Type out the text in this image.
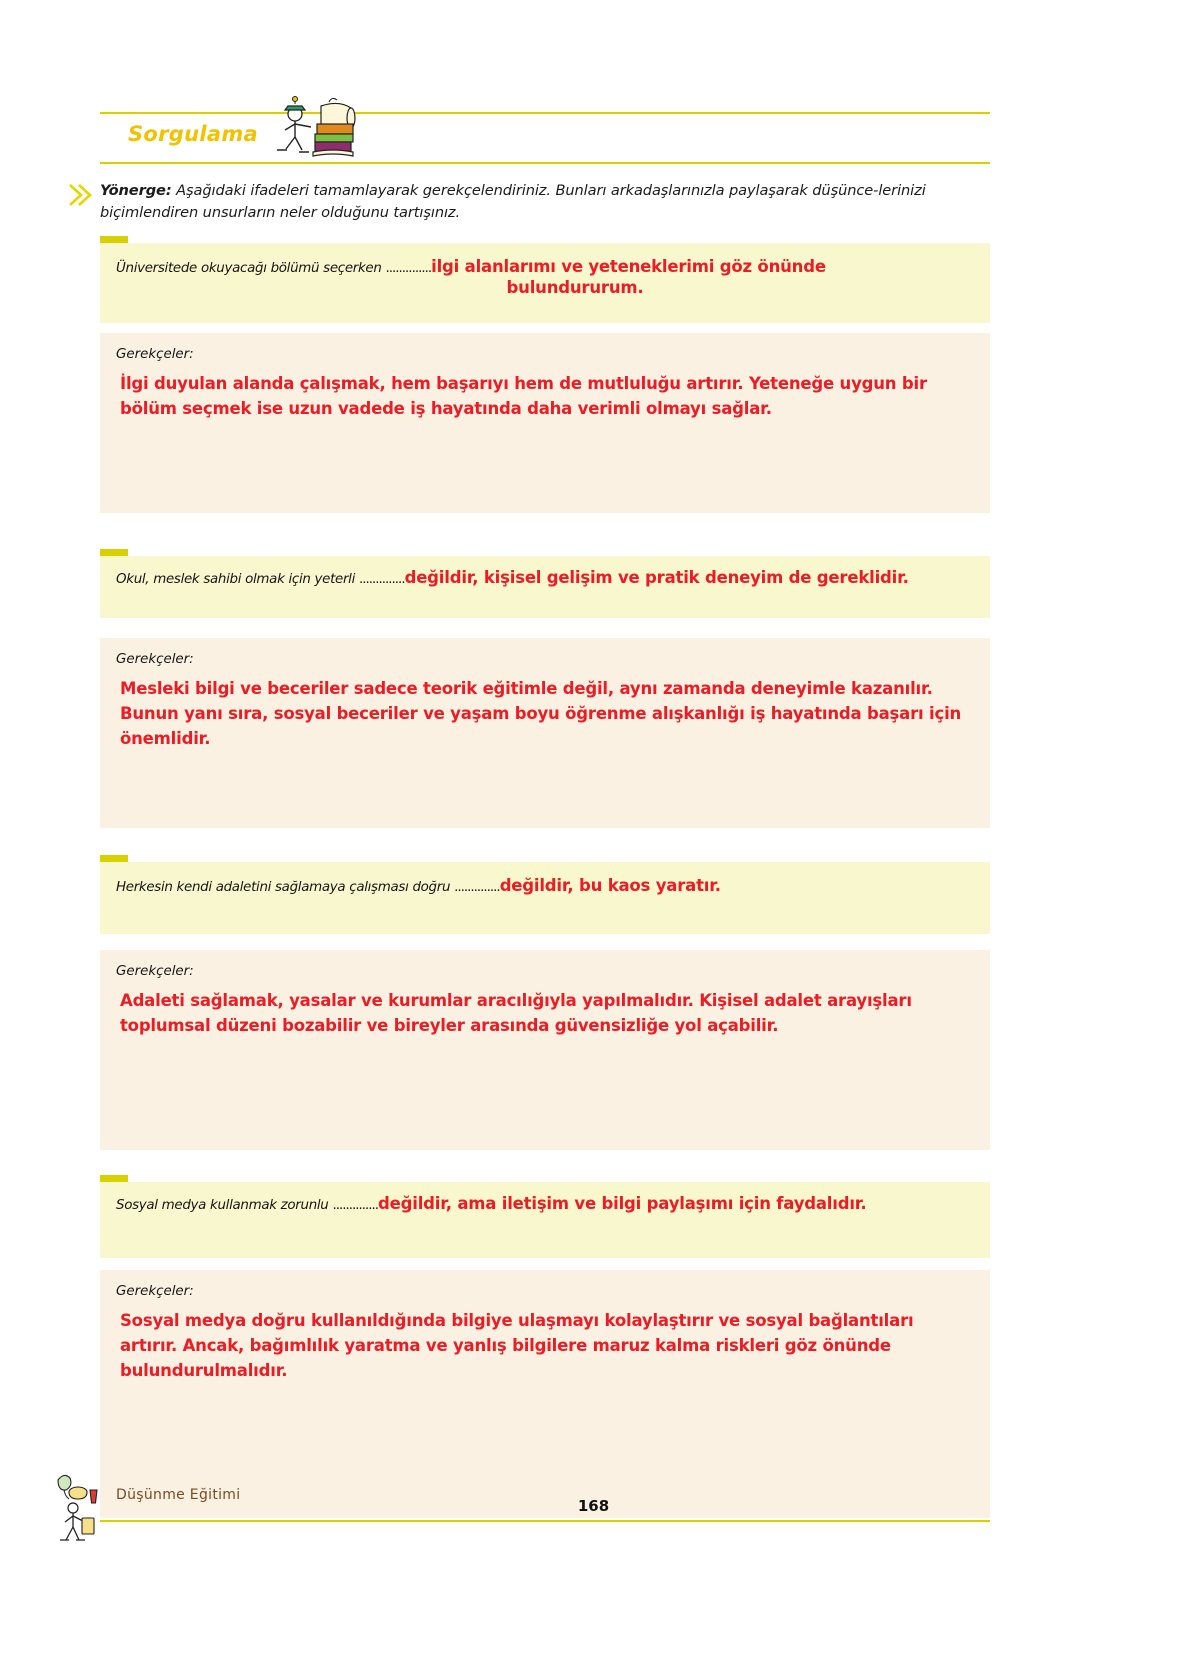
Sorgulama
Yönerge: Aşağıdaki ifadeleri tamamlayarak gerekçelendiriniz. Bunları arkadaşlarınızla paylaşarak düşünce-lerinizi biçimlendiren unsurların neler olduğunu tartışınız.
Üniversitede okuyacağı bölümü seçerken ..............ilgi alanlarımı ve yeteneklerimi göz önünde
bulundururum.
Gerekçeler:
İlgi duyulan alanda çalışmak, hem başarıyı hem de mutluluğu artırır. Yeteneğe uygun bir bölüm seçmek ise uzun vadede iş hayatında daha verimli olmayı sağlar.
Okul, meslek sahibi olmak için yeterli ..............değildir, kişisel gelişim ve pratik deneyim de gereklidir.
Gerekçeler:
Mesleki bilgi ve beceriler sadece teorik eğitimle değil, aynı zamanda deneyimle kazanılır. Bunun yanı sıra, sosyal beceriler ve yaşam boyu öğrenme alışkanlığı iş hayatında başarı için önemlidir.
Herkesin kendi adaletini sağlamaya çalışması doğru ..............değildir, bu kaos yaratır.
Gerekçeler:
Adaleti sağlamak, yasalar ve kurumlar aracılığıyla yapılmalıdır. Kişisel adalet arayışları toplumsal düzeni bozabilir ve bireyler arasında güvensizliğe yol açabilir.
Sosyal medya kullanmak zorunlu ..............değildir, ama iletişim ve bilgi paylaşımı için faydalıdır.
Gerekçeler:
Sosyal medya doğru kullanıldığında bilgiye ulaşmayı kolaylaştırır ve sosyal bağlantıları artırır. Ancak, bağımlılık yaratma ve yanlış bilgilere maruz kalma riskleri göz önünde bulundurulmalıdır.
Düşünme Eğitimi
168
